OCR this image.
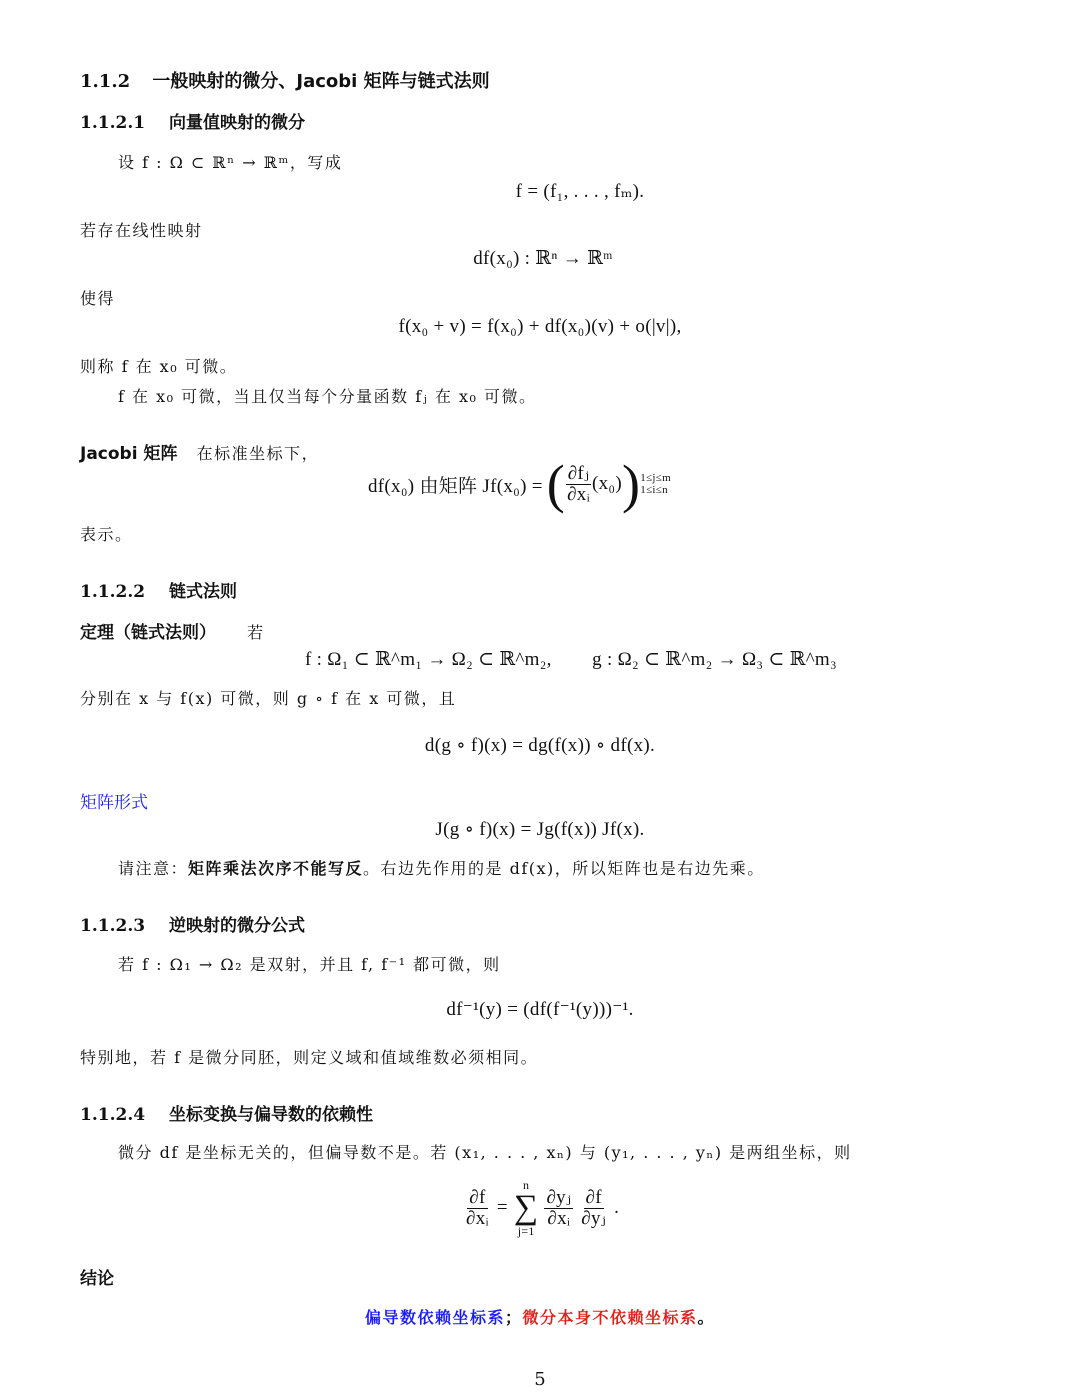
1.1.2 一般映射的微分、Jacobi 矩阵与链式法则
1.1.2.1 向量值映射的微分
设 f : Ω ⊂ ℝⁿ → ℝᵐ，写成
f = (f₁, . . . , fₘ).
若存在线性映射
df(x₀) : ℝⁿ → ℝᵐ
使得
f(x₀ + v) = f(x₀) + df(x₀)(v) + o(|v|),
则称 f 在 x₀ 可微。
f 在 x₀ 可微，当且仅当每个分量函数 fⱼ 在 x₀ 可微。
Jacobi 矩阵 在标准坐标下，
df(x₀) 由矩阵 Jf(x₀) = ( $\frac{\text{∂fⱼ}}{\text{∂xᵢ}} (x_0)$ ) 1≤j≤m
1≤i≤n
表示。
1.1.2.2 链式法则
定理（链式法则） 若
f : Ω₁ ⊂ ℝ^m₁ → Ω₂ ⊂ ℝ^m₂,        g : Ω₂ ⊂ ℝ^m₂ → Ω₃ ⊂ ℝ^m₃
分别在 x 与 f(x) 可微，则 g ∘ f 在 x 可微，且
d(g ∘ f)(x) = dg(f(x)) ∘ df(x).
矩阵形式
J(g ∘ f)(x) = Jg(f(x)) Jf(x).
请注意：矩阵乘法次序不能写反。右边先作用的是 df(x)，所以矩阵也是右边先乘。
1.1.2.3 逆映射的微分公式
若 f : Ω₁ → Ω₂ 是双射，并且 f, f⁻¹ 都可微，则
df⁻¹(y) = (df(f⁻¹(y)))⁻¹.
特别地，若 f 是微分同胚，则定义域和值域维数必须相同。
1.1.2.4 坐标变换与偏导数的依赖性
微分 df 是坐标无关的，但偏导数不是。若 (x₁, . . . , xₙ) 与 (y₁, . . . , yₙ) 是两组坐标，则
$\frac{\partial f}{\text{∂xᵢ}}$ =
n
∑
j=1
$\frac{\text{∂yⱼ}}{\text{∂xᵢ}} \frac{\partial f}{\text{∂yⱼ}}$ .
结论
偏导数依赖坐标系；微分本身不依赖坐标系。
5
